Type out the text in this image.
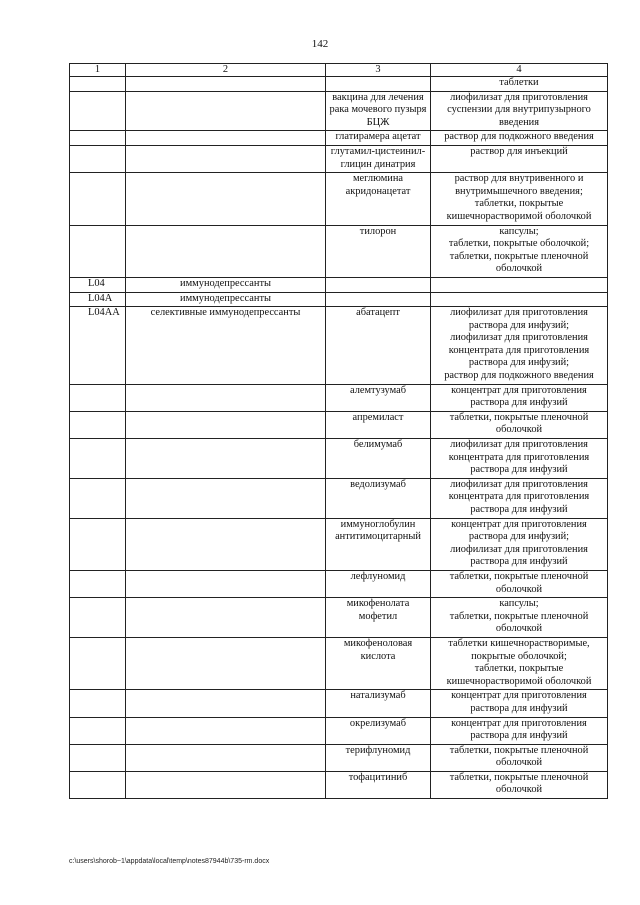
142
1	2	3	4

			таблетки

		вакцина для лечения рака мочевого пузыря БЦЖ	лиофилизат для приготовления суспензии для внутрипузырного введения

		глатирамера ацетат	раствор для подкожного введения

		глутамил-цистеинил-глицин динатрия	раствор для инъекций

		меглюмина акридонацетат	раствор для внутривенного и внутримышечного введения;
таблетки, покрытые кишечнорастворимой оболочкой

		тилорон	капсулы;
таблетки, покрытые оболочкой;
таблетки, покрытые пленочной оболочкой

L04	иммунодепрессанты		
L04A	иммунодепрессанты		
L04AA	селективные иммунодепрессанты	абатацепт	лиофилизат для приготовления раствора для инфузий;
лиофилизат для приготовления концентрата для приготовления раствора для инфузий;
раствор для подкожного введения

		алемтузумаб	концентрат для приготовления раствора для инфузий

		апремиласт	таблетки, покрытые пленочной оболочкой

		белимумаб	лиофилизат для приготовления концентрата для приготовления раствора для инфузий

		ведолизумаб	лиофилизат для приготовления концентрата для приготовления раствора для инфузий

		иммуноглобулин антитимоцитарный	концентрат для приготовления раствора для инфузий;
лиофилизат для приготовления раствора для инфузий

		лефлуномид	таблетки, покрытые пленочной оболочкой

		микофенолата мофетил	капсулы;
таблетки, покрытые пленочной оболочкой

		микофеноловая кислота	таблетки кишечнорастворимые, покрытые оболочкой;
таблетки, покрытые кишечнорастворимой оболочкой

		натализумаб	концентрат для приготовления раствора для инфузий

		окрелизумаб	концентрат для приготовления раствора для инфузий

		терифлуномид	таблетки, покрытые пленочной оболочкой

		тофацитиниб	таблетки, покрытые пленочной оболочкой
c:\users\shorob~1\appdata\local\temp\notes87944b\735-rm.docx
